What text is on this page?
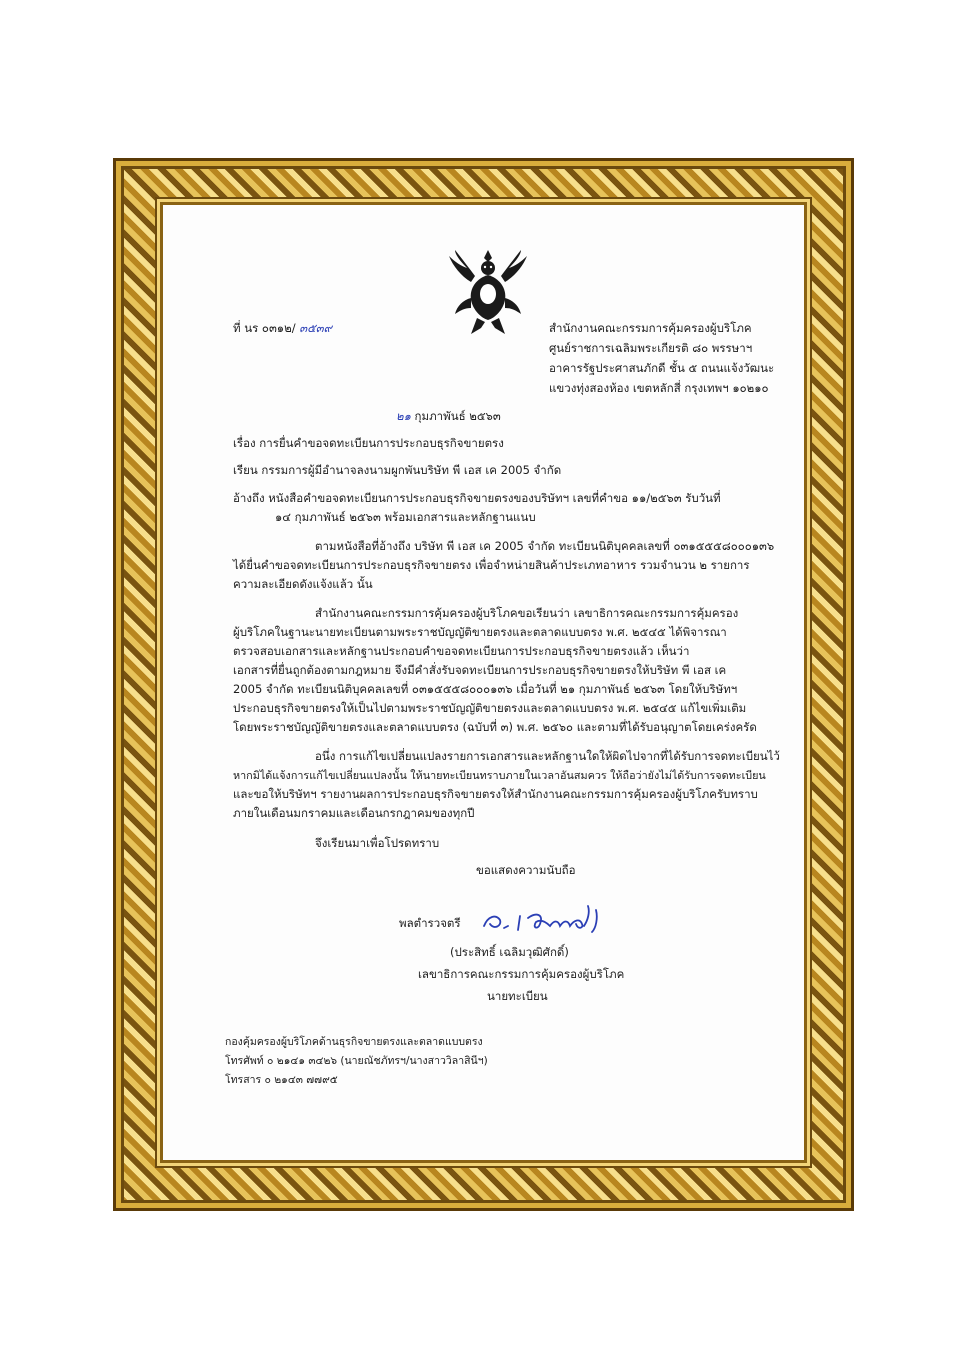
ที่ นร ๐๓๑๒/ ๓๕๓๙	สำนักงานคณะกรรมการคุ้มครองผู้บริโภค
ศูนย์ราชการเฉลิมพระเกียรติ ๘๐ พรรษาฯ
อาคารรัฐประศาสนภักดี ชั้น ๕ ถนนแจ้งวัฒนะ
แขวงทุ่งสองห้อง เขตหลักสี่ กรุงเทพฯ ๑๐๒๑๐
๒๑ กุมภาพันธ์ ๒๕๖๓
เรื่อง การยื่นคำขอจดทะเบียนการประกอบธุรกิจขายตรง
เรียน กรรมการผู้มีอำนาจลงนามผูกพันบริษัท พี เอส เค 2005 จำกัด
อ้างถึง หนังสือคำขอจดทะเบียนการประกอบธุรกิจขายตรงของบริษัทฯ เลขที่คำขอ ๑๑/๒๕๖๓ รับวันที่
๑๔ กุมภาพันธ์ ๒๕๖๓ พร้อมเอกสารและหลักฐานแนบ
ตามหนังสือที่อ้างถึง บริษัท พี เอส เค 2005 จำกัด ทะเบียนนิติบุคคลเลขที่ ๐๓๑๕๕๕๘๐๐๐๑๓๖
ได้ยื่นคำขอจดทะเบียนการประกอบธุรกิจขายตรง เพื่อจำหน่ายสินค้าประเภทอาหาร รวมจำนวน ๒ รายการ
ความละเอียดดังแจ้งแล้ว นั้น
สำนักงานคณะกรรมการคุ้มครองผู้บริโภคขอเรียนว่า เลขาธิการคณะกรรมการคุ้มครอง
ผู้บริโภคในฐานะนายทะเบียนตามพระราชบัญญัติขายตรงและตลาดแบบตรง พ.ศ. ๒๕๔๕ ได้พิจารณา
ตรวจสอบเอกสารและหลักฐานประกอบคำขอจดทะเบียนการประกอบธุรกิจขายตรงแล้ว เห็นว่า
เอกสารที่ยื่นถูกต้องตามกฎหมาย จึงมีคำสั่งรับจดทะเบียนการประกอบธุรกิจขายตรงให้บริษัท พี เอส เค
2005 จำกัด ทะเบียนนิติบุคคลเลขที่ ๐๓๑๕๕๕๘๐๐๐๑๓๖ เมื่อวันที่ ๒๑ กุมภาพันธ์ ๒๕๖๓ โดยให้บริษัทฯ
ประกอบธุรกิจขายตรงให้เป็นไปตามพระราชบัญญัติขายตรงและตลาดแบบตรง พ.ศ. ๒๕๔๕ แก้ไขเพิ่มเติม
โดยพระราชบัญญัติขายตรงและตลาดแบบตรง (ฉบับที่ ๓) พ.ศ. ๒๕๖๐ และตามที่ได้รับอนุญาตโดยเคร่งครัด
อนึ่ง การแก้ไขเปลี่ยนแปลงรายการเอกสารและหลักฐานใดให้ผิดไปจากที่ได้รับการจดทะเบียนไว้
หากมิได้แจ้งการแก้ไขเปลี่ยนแปลงนั้น ให้นายทะเบียนทราบภายในเวลาอันสมควร ให้ถือว่ายังไม่ได้รับการจดทะเบียน
และขอให้บริษัทฯ รายงานผลการประกอบธุรกิจขายตรงให้สำนักงานคณะกรรมการคุ้มครองผู้บริโภครับทราบ
ภายในเดือนมกราคมและเดือนกรกฎาคมของทุกปี
จึงเรียนมาเพื่อโปรดทราบ
ขอแสดงความนับถือ
พลตำรวจตรี
(ประสิทธิ์ เฉลิมวุฒิศักดิ์)
เลขาธิการคณะกรรมการคุ้มครองผู้บริโภค
นายทะเบียน
กองคุ้มครองผู้บริโภคด้านธุรกิจขายตรงและตลาดแบบตรง
โทรศัพท์ ๐ ๒๑๔๑ ๓๔๒๖ (นายณัชภัทรฯ/นางสาววิลาสินีฯ)
โทรสาร ๐ ๒๑๔๓ ๗๗๙๕
